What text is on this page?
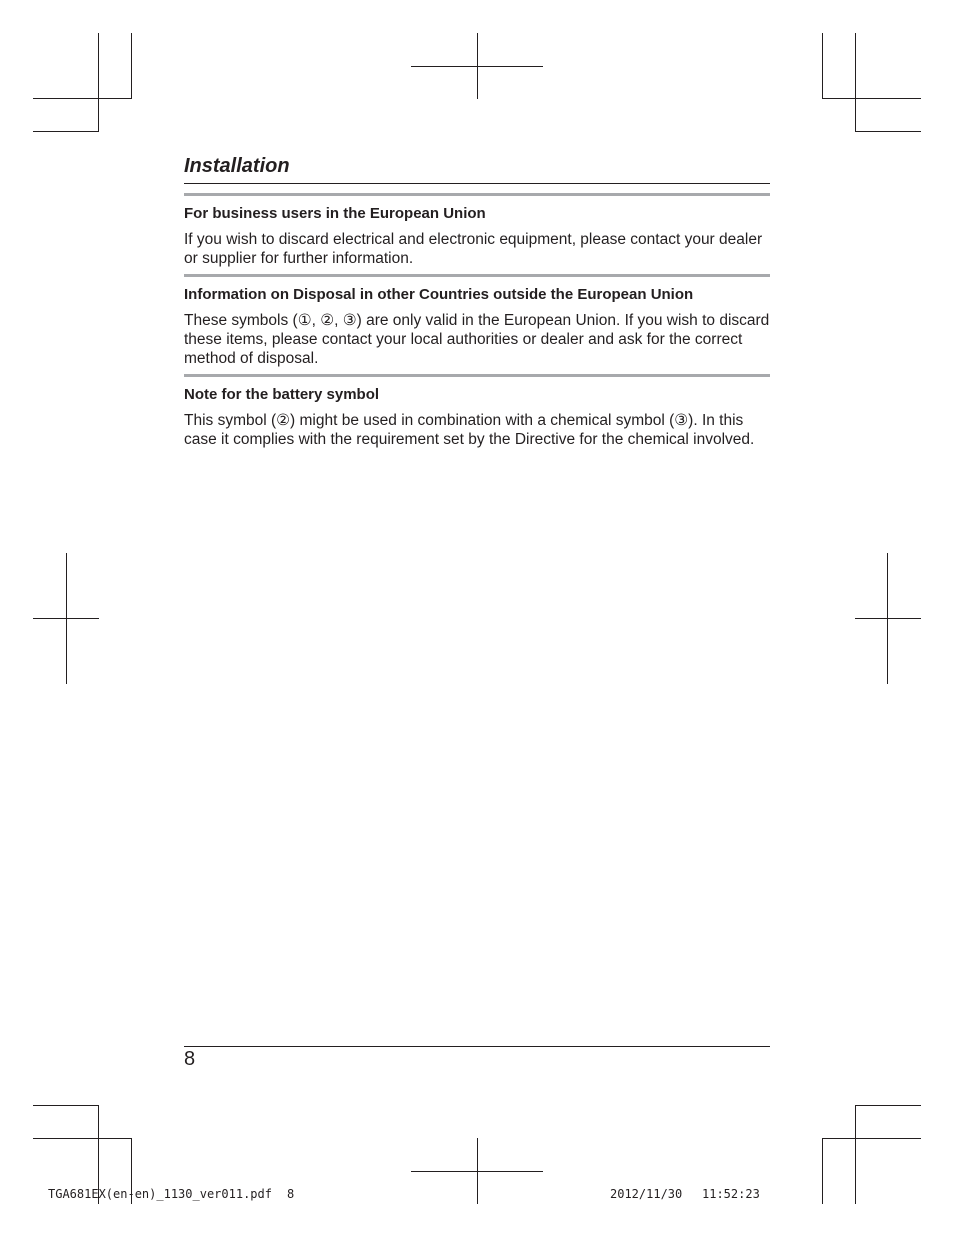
Installation

For business users in the European Union

If you wish to discard electrical and electronic equipment, please contact your dealer or supplier for further information.

Information on Disposal in other Countries outside the European Union

These symbols (①, ②, ③) are only valid in the European Union. If you wish to discard these items, please contact your local authorities or dealer and ask for the correct method of disposal.

Note for the battery symbol

This symbol (②) might be used in combination with a chemical symbol (③). In this case it complies with the requirement set by the Directive for the chemical involved.

8
TGA681EX(en-en)_1130_ver011.pdf 8	2012/11/30 11:52:23
